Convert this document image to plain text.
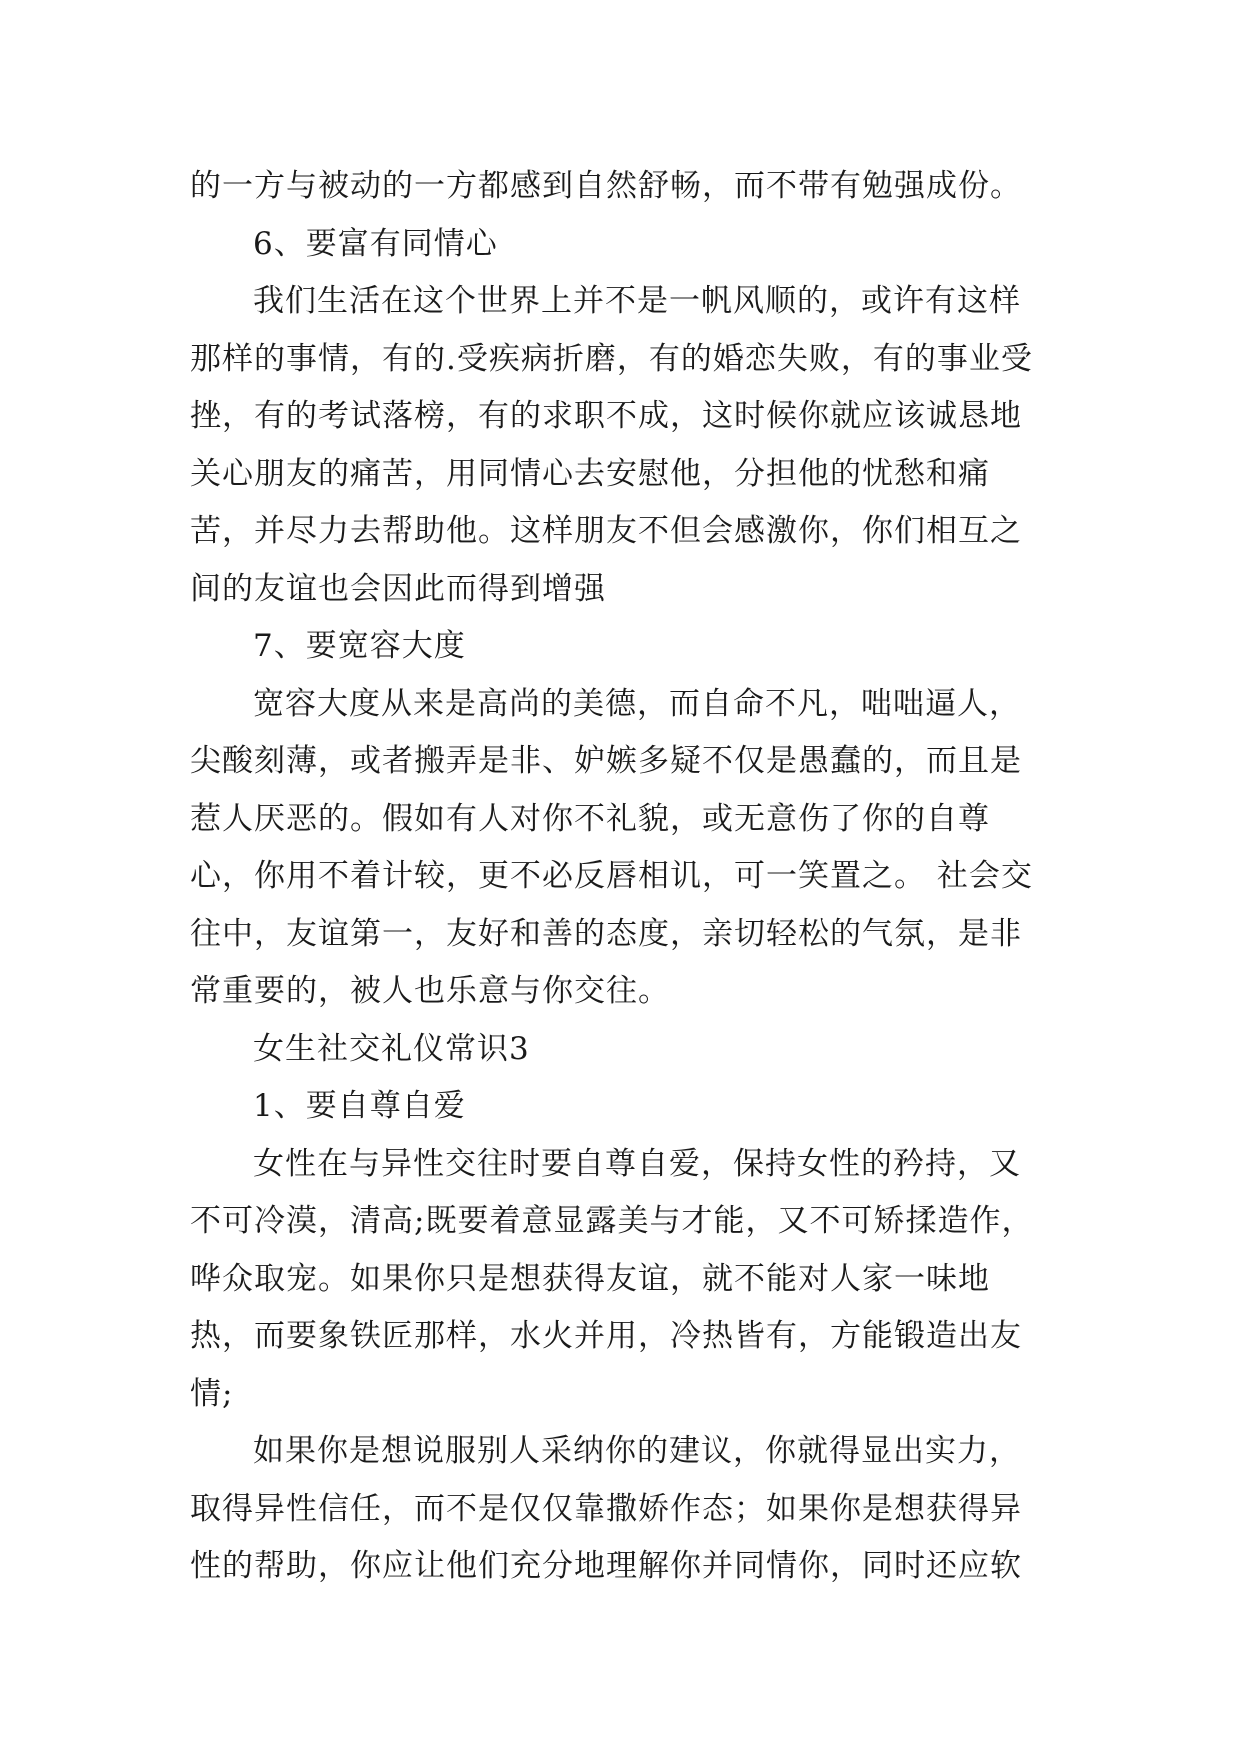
的一方与被动的一方都感到自然舒畅，而不带有勉强成份。

6、要富有同情心

我们生活在这个世界上并不是一帆风顺的，或许有这样那样的事情，有的.受疾病折磨，有的婚恋失败，有的事业受挫，有的考试落榜，有的求职不成，这时候你就应该诚恳地关心朋友的痛苦，用同情心去安慰他，分担他的忧愁和痛苦，并尽力去帮助他。这样朋友不但会感激你，你们相互之间的友谊也会因此而得到增强

7、要宽容大度

宽容大度从来是高尚的美德，而自命不凡，咄咄逼人，尖酸刻薄，或者搬弄是非、妒嫉多疑不仅是愚蠢的，而且是惹人厌恶的。假如有人对你不礼貌，或无意伤了你的自尊心，你用不着计较，更不必反唇相讥，可一笑置之。 社会交往中，友谊第一，友好和善的态度，亲切轻松的气氛，是非常重要的，被人也乐意与你交往。

女生社交礼仪常识3

1、要自尊自爱

女性在与异性交往时要自尊自爱，保持女性的矜持，又不可冷漠，清高;既要着意显露美与才能，又不可矫揉造作，哗众取宠。如果你只是想获得友谊，就不能对人家一味地热，而要象铁匠那样，水火并用，冷热皆有，方能锻造出友情;

如果你是想说服别人采纳你的建议，你就得显出实力，取得异性信任，而不是仅仅靠撒娇作态；如果你是想获得异性的帮助，你应让他们充分地理解你并同情你，同时还应软
